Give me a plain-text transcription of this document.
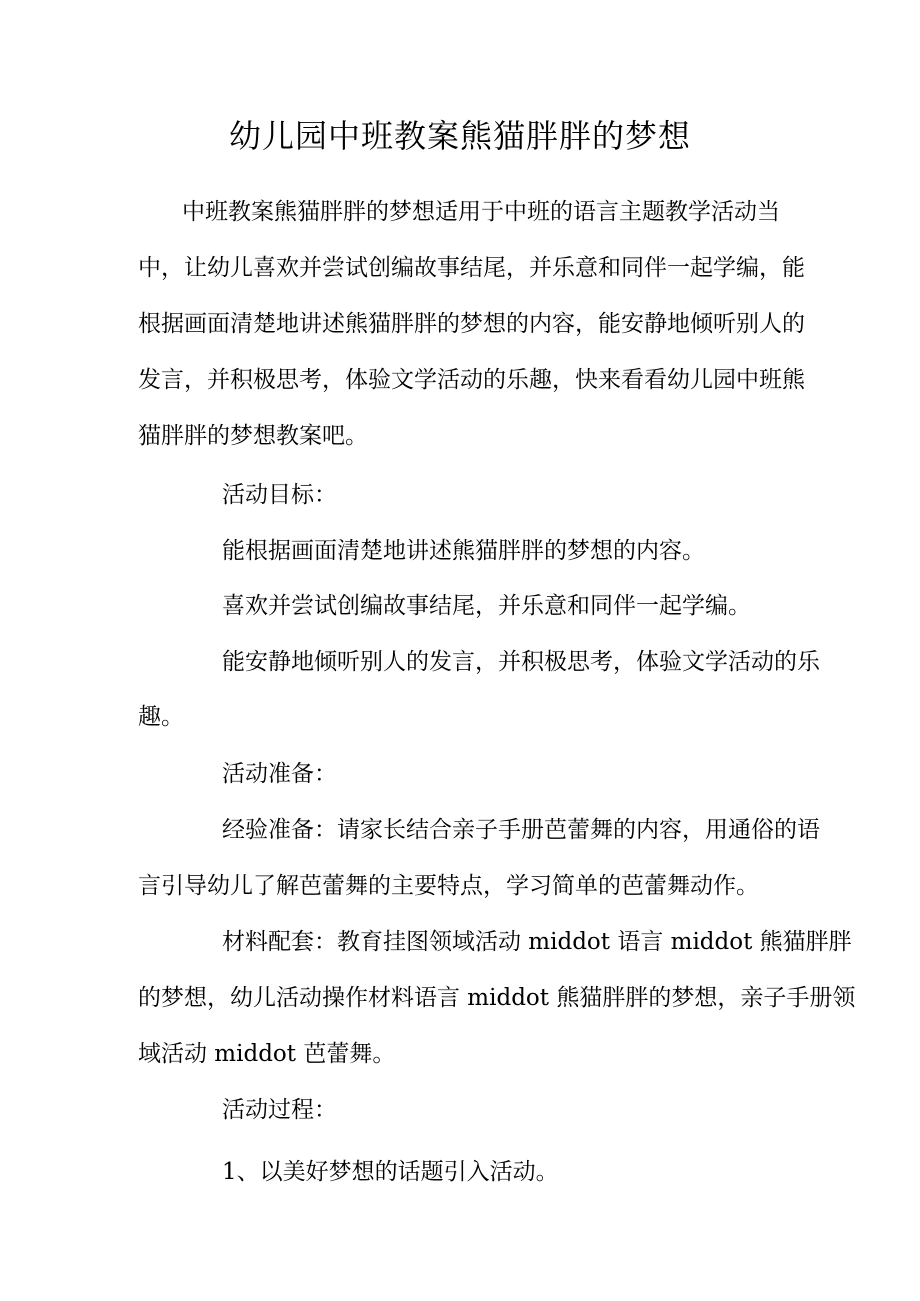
幼儿园中班教案熊猫胖胖的梦想
中班教案熊猫胖胖的梦想适用于中班的语言主题教学活动当
中，让幼儿喜欢并尝试创编故事结尾，并乐意和同伴一起学编，能
根据画面清楚地讲述熊猫胖胖的梦想的内容，能安静地倾听别人的
发言，并积极思考，体验文学活动的乐趣，快来看看幼儿园中班熊
猫胖胖的梦想教案吧。
活动目标：
能根据画面清楚地讲述熊猫胖胖的梦想的内容。
喜欢并尝试创编故事结尾，并乐意和同伴一起学编。
能安静地倾听别人的发言，并积极思考，体验文学活动的乐
趣。
活动准备：
经验准备：请家长结合亲子手册芭蕾舞的内容，用通俗的语
言引导幼儿了解芭蕾舞的主要特点，学习简单的芭蕾舞动作。
材料配套：教育挂图领域活动 middot 语言 middot 熊猫胖胖
的梦想，幼儿活动操作材料语言 middot 熊猫胖胖的梦想，亲子手册领
域活动 middot 芭蕾舞。
活动过程：
1、以美好梦想的话题引入活动。
